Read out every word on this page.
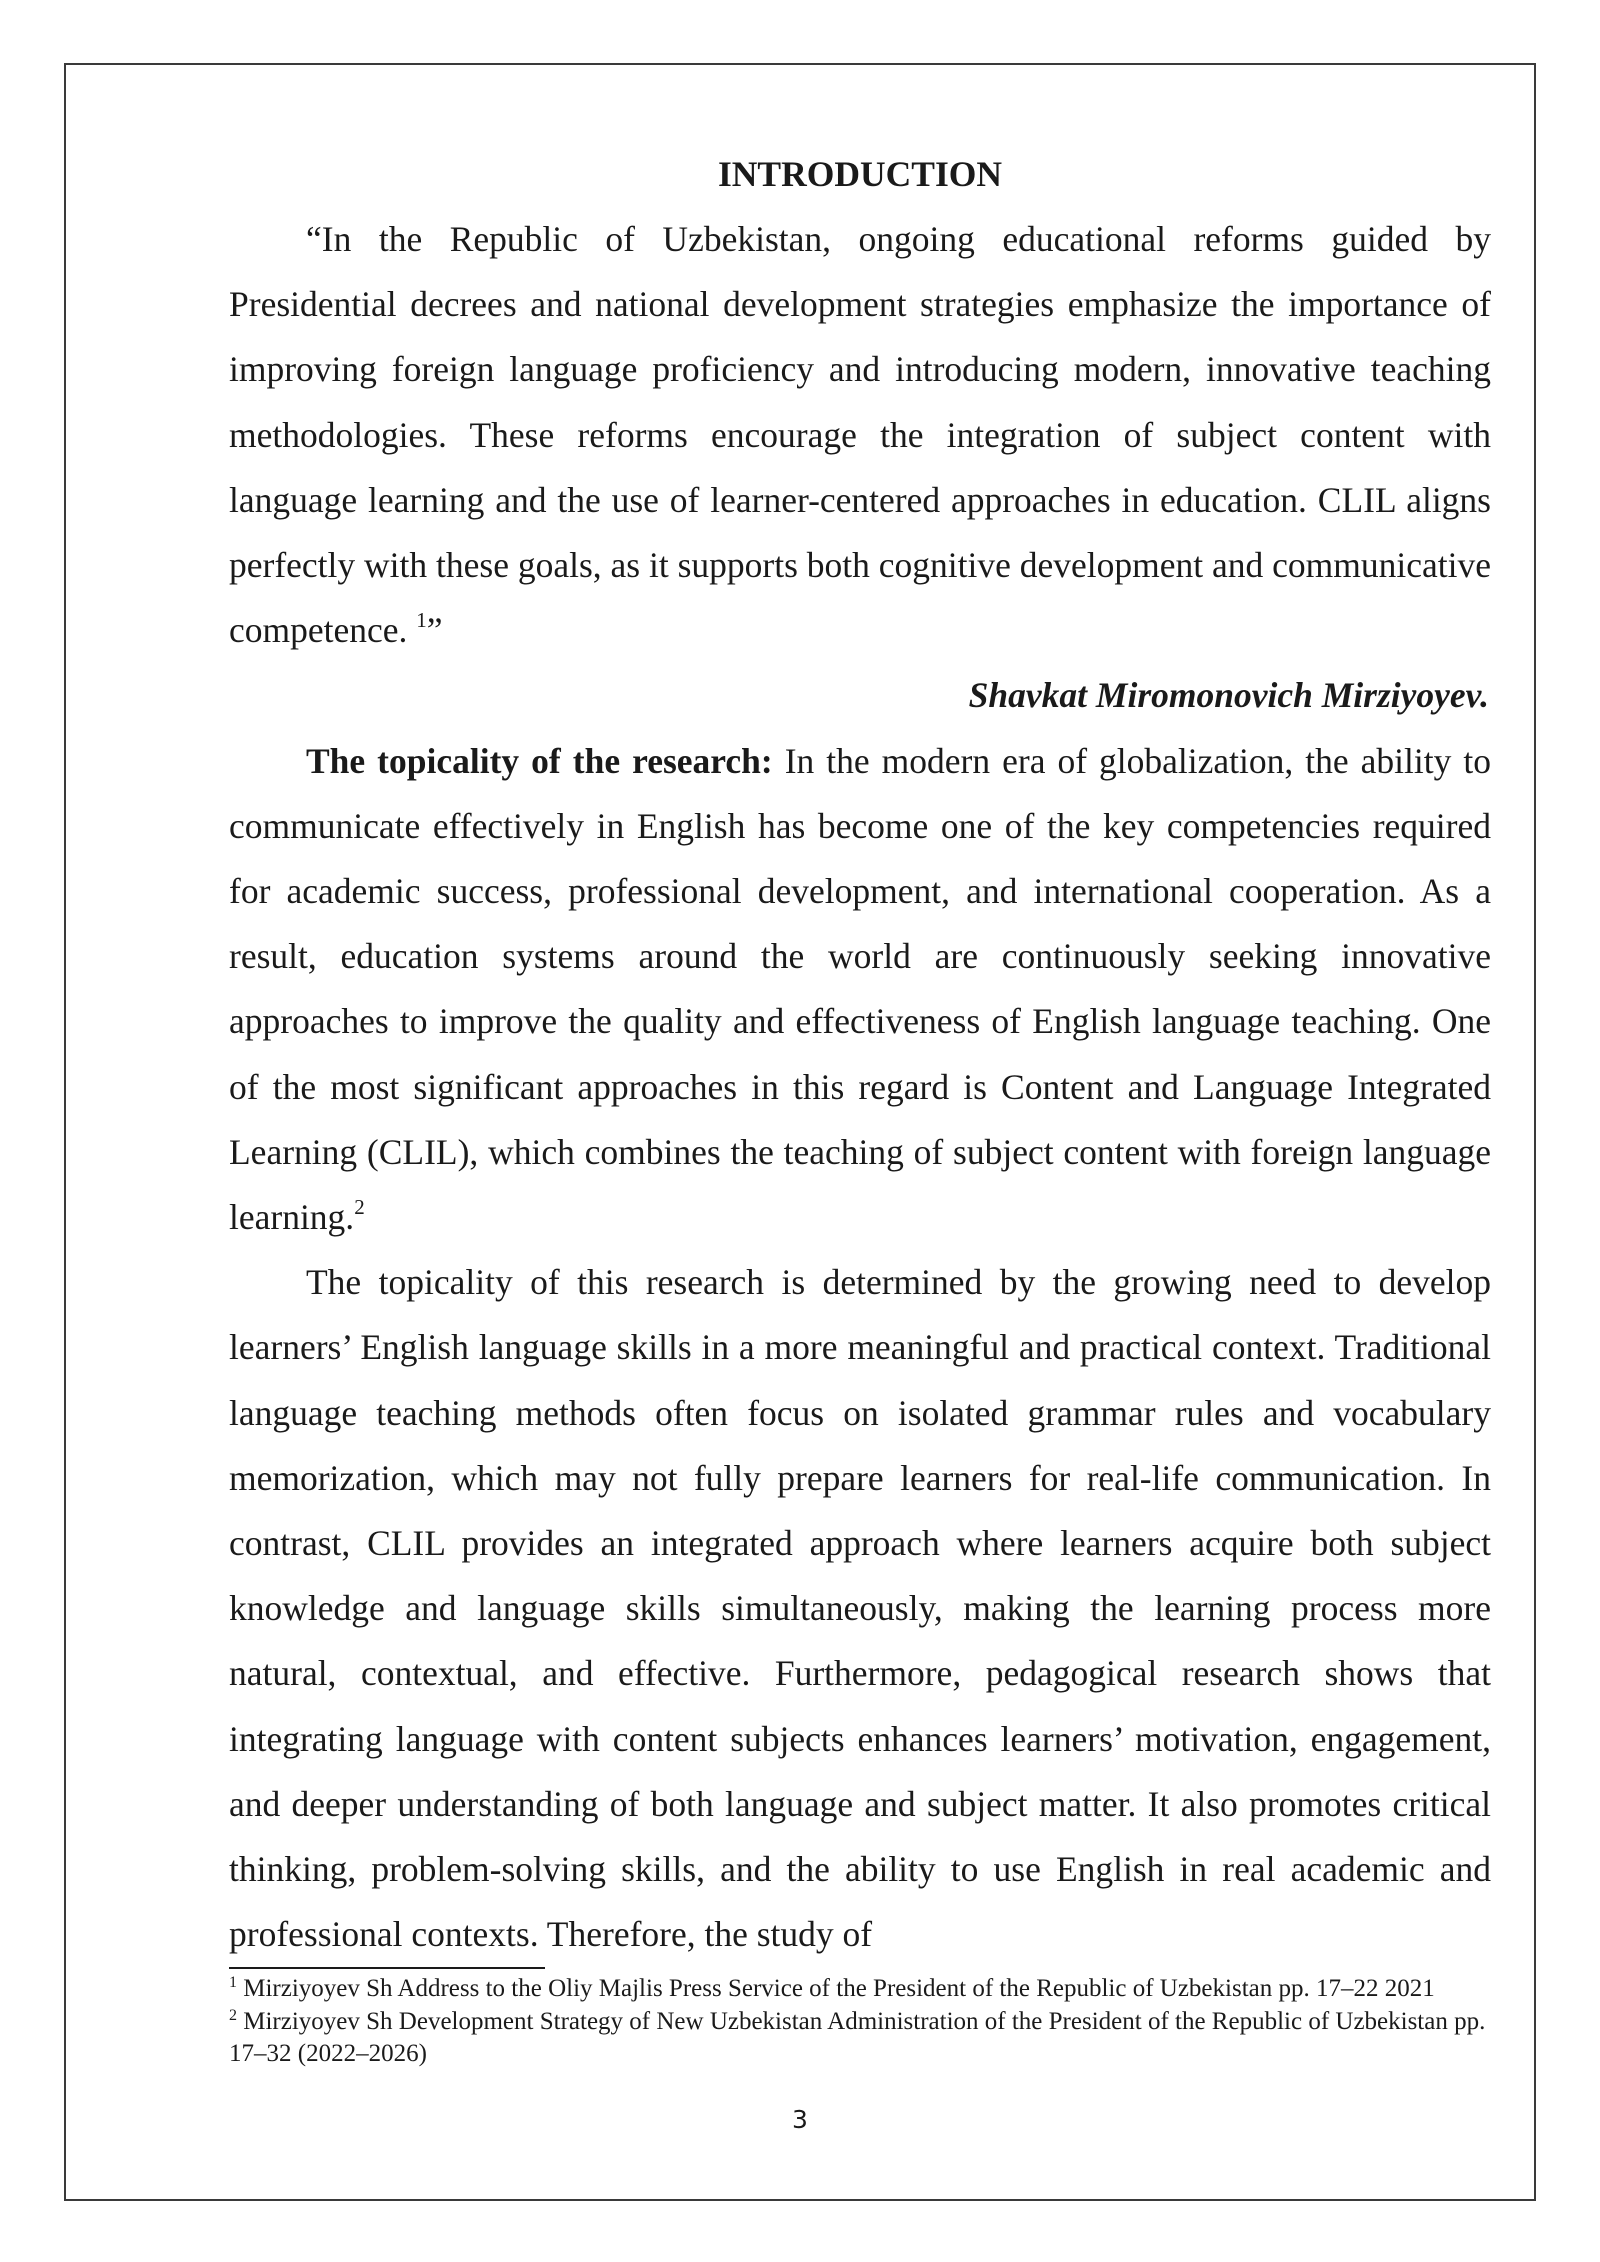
INTRODUCTION

“In the Republic of Uzbekistan, ongoing educational reforms guided by Presidential decrees and national development strategies emphasize the importance of improving foreign language proficiency and introducing modern, innovative teaching methodologies. These reforms encourage the integration of subject content with language learning and the use of learner-centered approaches in education. CLIL aligns perfectly with these goals, as it supports both cognitive development and communicative competence. $^1$”

Shavkat Miromonovich Mirziyoyev.

The topicality of the research: In the modern era of globalization, the ability to communicate effectively in English has become one of the key competencies required for academic success, professional development, and international cooperation. As a result, education systems around the world are continuously seeking innovative approaches to improve the quality and effectiveness of English language teaching. One of the most significant approaches in this regard is Content and Language Integrated Learning (CLIL), which combines the teaching of subject content with foreign language learning.$^2$

The topicality of this research is determined by the growing need to develop learners’ English language skills in a more meaningful and practical context. Traditional language teaching methods often focus on isolated grammar rules and vocabulary memorization, which may not fully prepare learners for real-life communication. In contrast, CLIL provides an integrated approach where learners acquire both subject knowledge and language skills simultaneously, making the learning process more natural, contextual, and effective. Furthermore, pedagogical research shows that integrating language with content subjects enhances learners’ motivation, engagement, and deeper understanding of both language and subject matter. It also promotes critical thinking, problem-solving skills, and the ability to use English in real academic and professional contexts. Therefore, the study of

$^1$ Mirziyoyev Sh Address to the Oliy Majlis Press Service of the President of the Republic of Uzbekistan pp. 17–22 2021

$^2$ Mirziyoyev Sh Development Strategy of New Uzbekistan Administration of the President of the Republic of Uzbekistan pp. 17–32 (2022–2026)

3
